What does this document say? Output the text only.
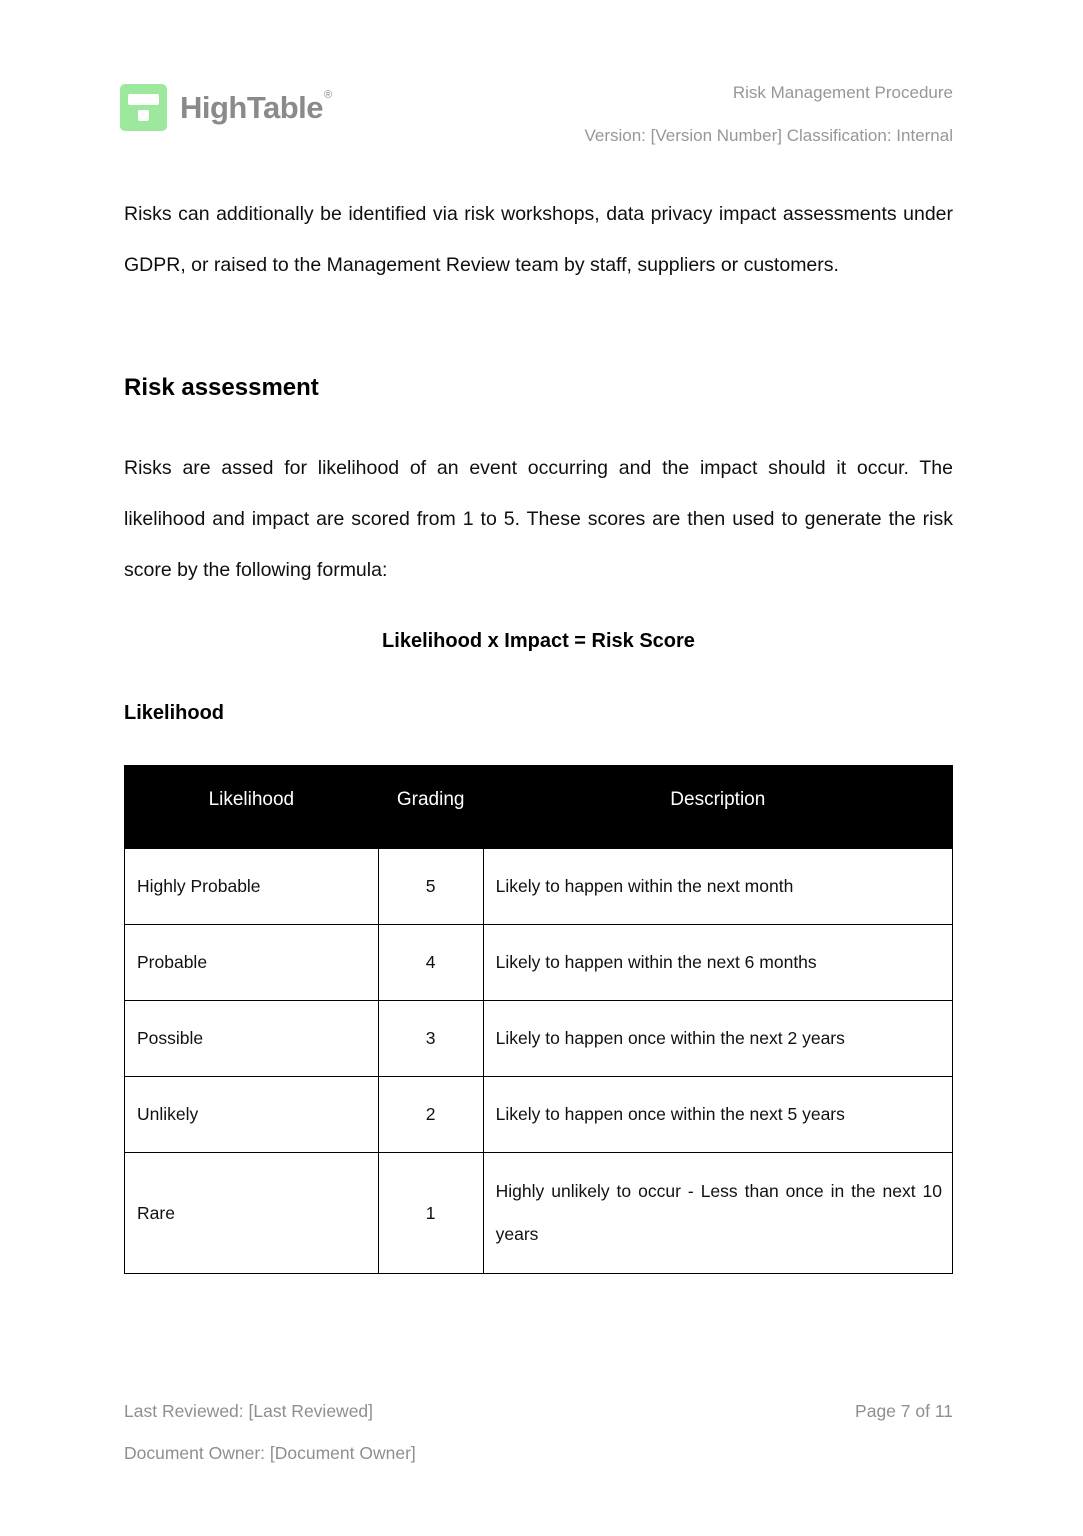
HighTable®	Risk Management Procedure
Version: [Version Number] Classification: Internal

Risks can additionally be identified via risk workshops, data privacy impact assessments under GDPR, or raised to the Management Review team by staff, suppliers or customers.

Risk assessment

Risks are assed for likelihood of an event occurring and the impact should it occur. The likelihood and impact are scored from 1 to 5. These scores are then used to generate the risk score by the following formula:

Likelihood x Impact = Risk Score
Likelihood
Likelihood	Grading	Description
Highly Probable	5	Likely to happen within the next month
Probable	4	Likely to happen within the next 6 months
Possible	3	Likely to happen once within the next 2 years
Unlikely	2	Likely to happen once within the next 5 years
Rare	1	Highly unlikely to occur - Less than once in the next 10 years
Last Reviewed: [Last Reviewed]	Page 7 of 11
Document Owner: [Document Owner]
